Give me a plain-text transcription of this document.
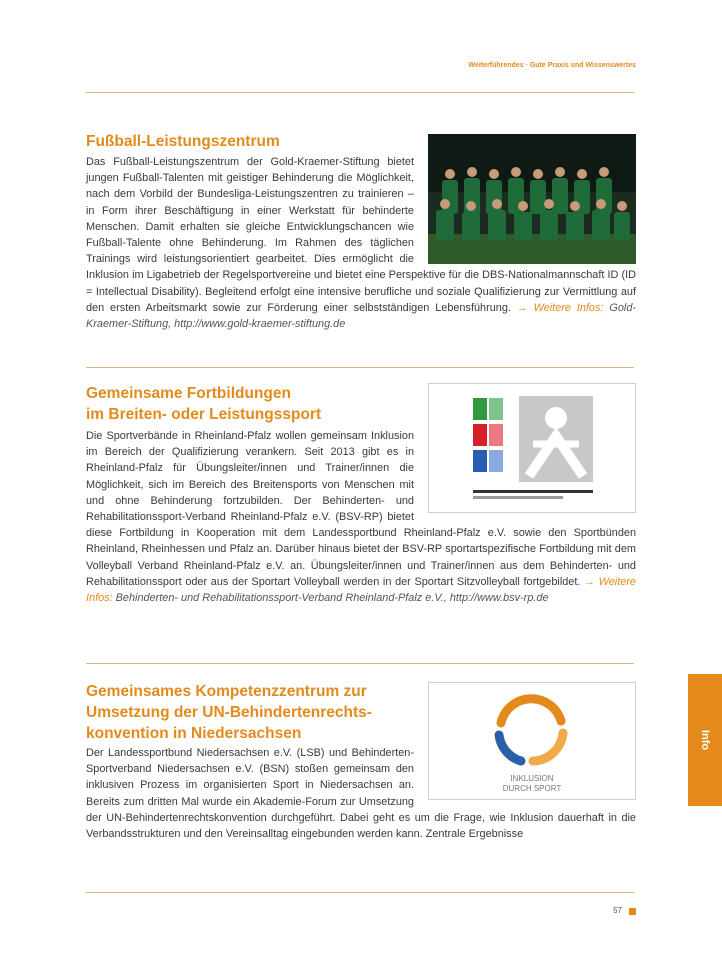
Weiterführendes · Gute Praxis und Wissenswertes
Fußball-Leistungszentrum
Das Fußball-Leistungszentrum der Gold-Kraemer-Stiftung bietet jungen Fußball-Talenten mit geistiger Behinderung die Möglichkeit, nach dem Vorbild der Bundesliga-Leistungszentren zu trainieren – in Form ihrer Beschäftigung in einer Werkstatt für behinderte Menschen. Damit erhalten sie gleiche Entwicklungschancen wie Fußball-Talente ohne Behinderung. Im Rahmen des täglichen Trainings wird leistungsorientiert gearbeitet. Dies ermöglicht die Inklusion im Ligabetrieb der Regelsportvereine und bietet eine Perspektive für die DBS-Nationalmannschaft ID (ID = Intellectual Disability). Begleitend erfolgt eine intensive berufliche und soziale Qualifizierung zur Vermittlung auf den ersten Arbeitsmarkt sowie zur Förderung einer selbstständigen Lebensführung. → Weitere Infos: Gold-Kraemer-Stiftung, http://www.gold-kraemer-stiftung.de
Gemeinsame Fortbildungen
im Breiten- oder Leistungssport
Die Sportverbände in Rheinland-Pfalz wollen gemeinsam Inklusion im Bereich der Qualifizierung verankern. Seit 2013 gibt es in Rheinland-Pfalz für Übungsleiter/innen und Trainer/innen die Möglichkeit, sich im Bereich des Breitensports von Menschen mit und ohne Behinderung fortzubilden. Der Behinderten- und Rehabilitationssport-Verband Rheinland-Pfalz e.V. (BSV-RP) bietet diese Fortbildung in Kooperation mit dem Landessportbund Rheinland-Pfalz e.V. sowie den Sportbünden Rheinland, Rheinhessen und Pfalz an. Darüber hinaus bietet der BSV-RP sportartspezifische Fortbildung mit dem Volleyball Verband Rheinland-Pfalz e.V. an. Übungsleiter/innen und Trainer/innen aus dem Behinderten- und Rehabilitationssport oder aus der Sportart Volleyball werden in der Sportart Sitzvolleyball fortgebildet. → Weitere Infos: Behinderten- und Rehabilitationssport-Verband Rheinland-Pfalz e.V., http://www.bsv-rp.de
Gemeinsames Kompetenzzentrum zur
Umsetzung der UN-Behindertenrechts-
konvention in Niedersachsen
INKLUSION
DURCH SPORT
Der Landessportbund Niedersachsen e.V. (LSB) und Behinderten-Sportverband Niedersachsen e.V. (BSN) stoßen gemeinsam den inklusiven Prozess im organisierten Sport in Niedersachsen an. Bereits zum dritten Mal wurde ein Akademie-Forum zur Umsetzung der UN-Behindertenrechtskonvention durchgeführt. Dabei geht es um die Frage, wie Inklusion dauerhaft in die Verbandsstrukturen und den Vereinsalltag eingebunden werden kann. Zentrale Ergebnisse
Info
57
